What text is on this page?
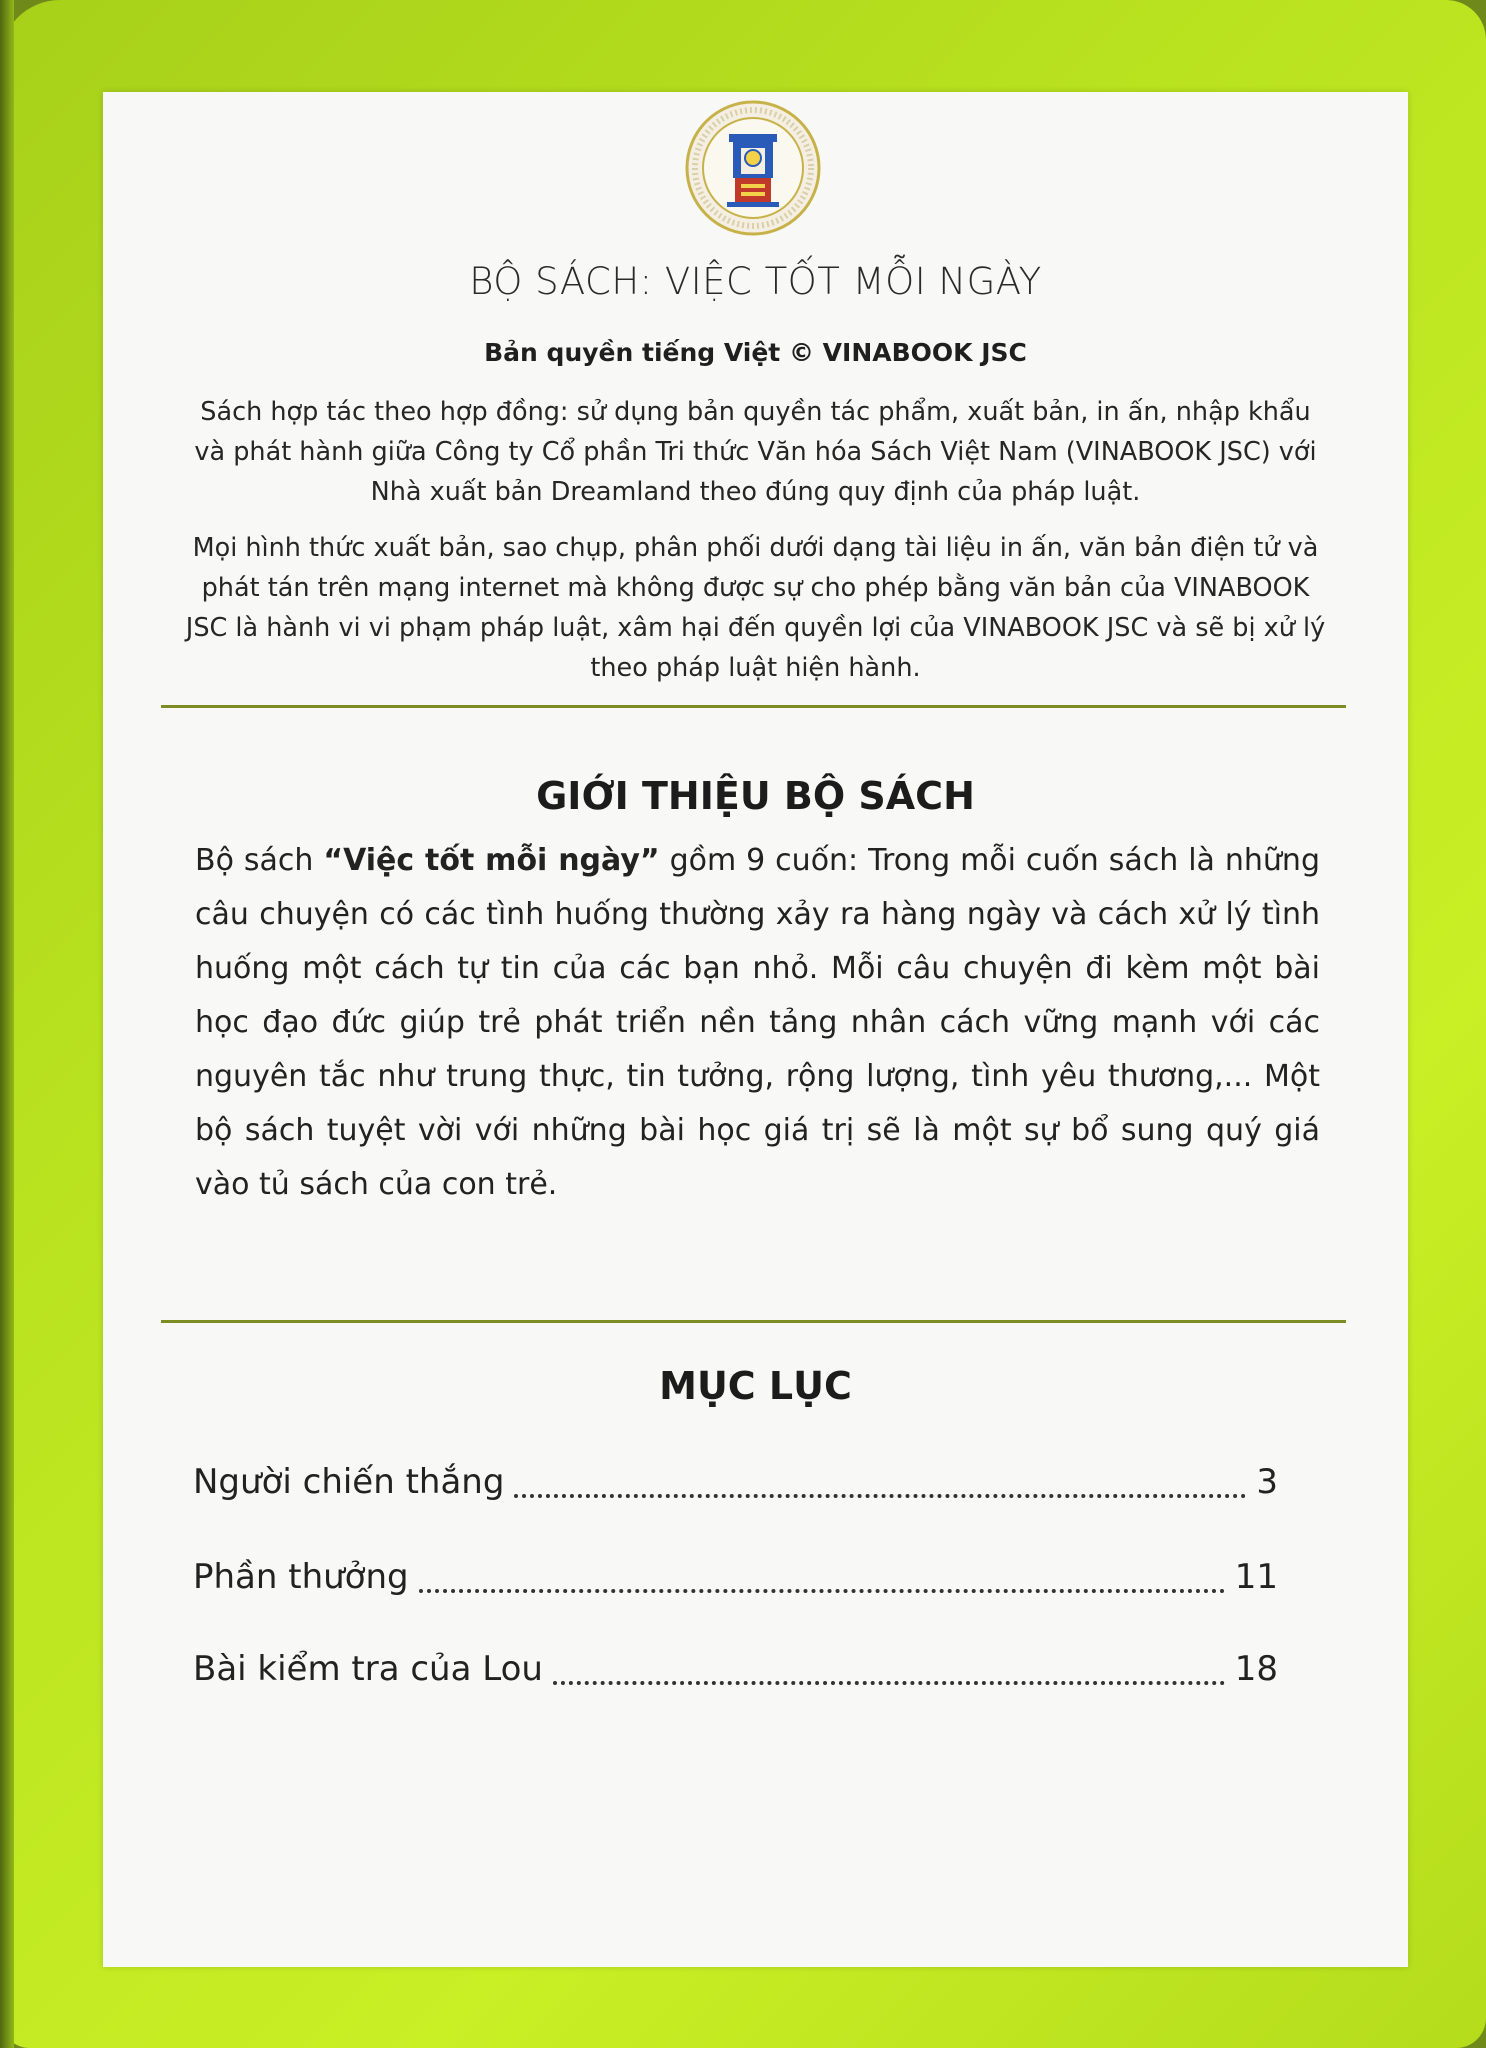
BỘ SÁCH: VIỆC TỐT MỖI NGÀY
Bản quyền tiếng Việt © VINABOOK JSC
Sách hợp tác theo hợp đồng: sử dụng bản quyền tác phẩm, xuất bản, in ấn, nhập khẩu và phát hành giữa Công ty Cổ phần Tri thức Văn hóa Sách Việt Nam (VINABOOK JSC) với Nhà xuất bản Dreamland theo đúng quy định của pháp luật.
Mọi hình thức xuất bản, sao chụp, phân phối dưới dạng tài liệu in ấn, văn bản điện tử và phát tán trên mạng internet mà không được sự cho phép bằng văn bản của VINABOOK JSC là hành vi vi phạm pháp luật, xâm hại đến quyền lợi của VINABOOK JSC và sẽ bị xử lý theo pháp luật hiện hành.
GIỚI THIỆU BỘ SÁCH
Bộ sách “Việc tốt mỗi ngày” gồm 9 cuốn: Trong mỗi cuốn sách là những câu chuyện có các tình huống thường xảy ra hàng ngày và cách xử lý tình huống một cách tự tin của các bạn nhỏ. Mỗi câu chuyện đi kèm một bài học đạo đức giúp trẻ phát triển nền tảng nhân cách vững mạnh với các nguyên tắc như trung thực, tin tưởng, rộng lượng, tình yêu thương,... Một bộ sách tuyệt vời với những bài học giá trị sẽ là một sự bổ sung quý giá vào tủ sách của con trẻ.
MỤC LỤC
Người chiến thắng	3
Phần thưởng	11
Bài kiểm tra của Lou	18
